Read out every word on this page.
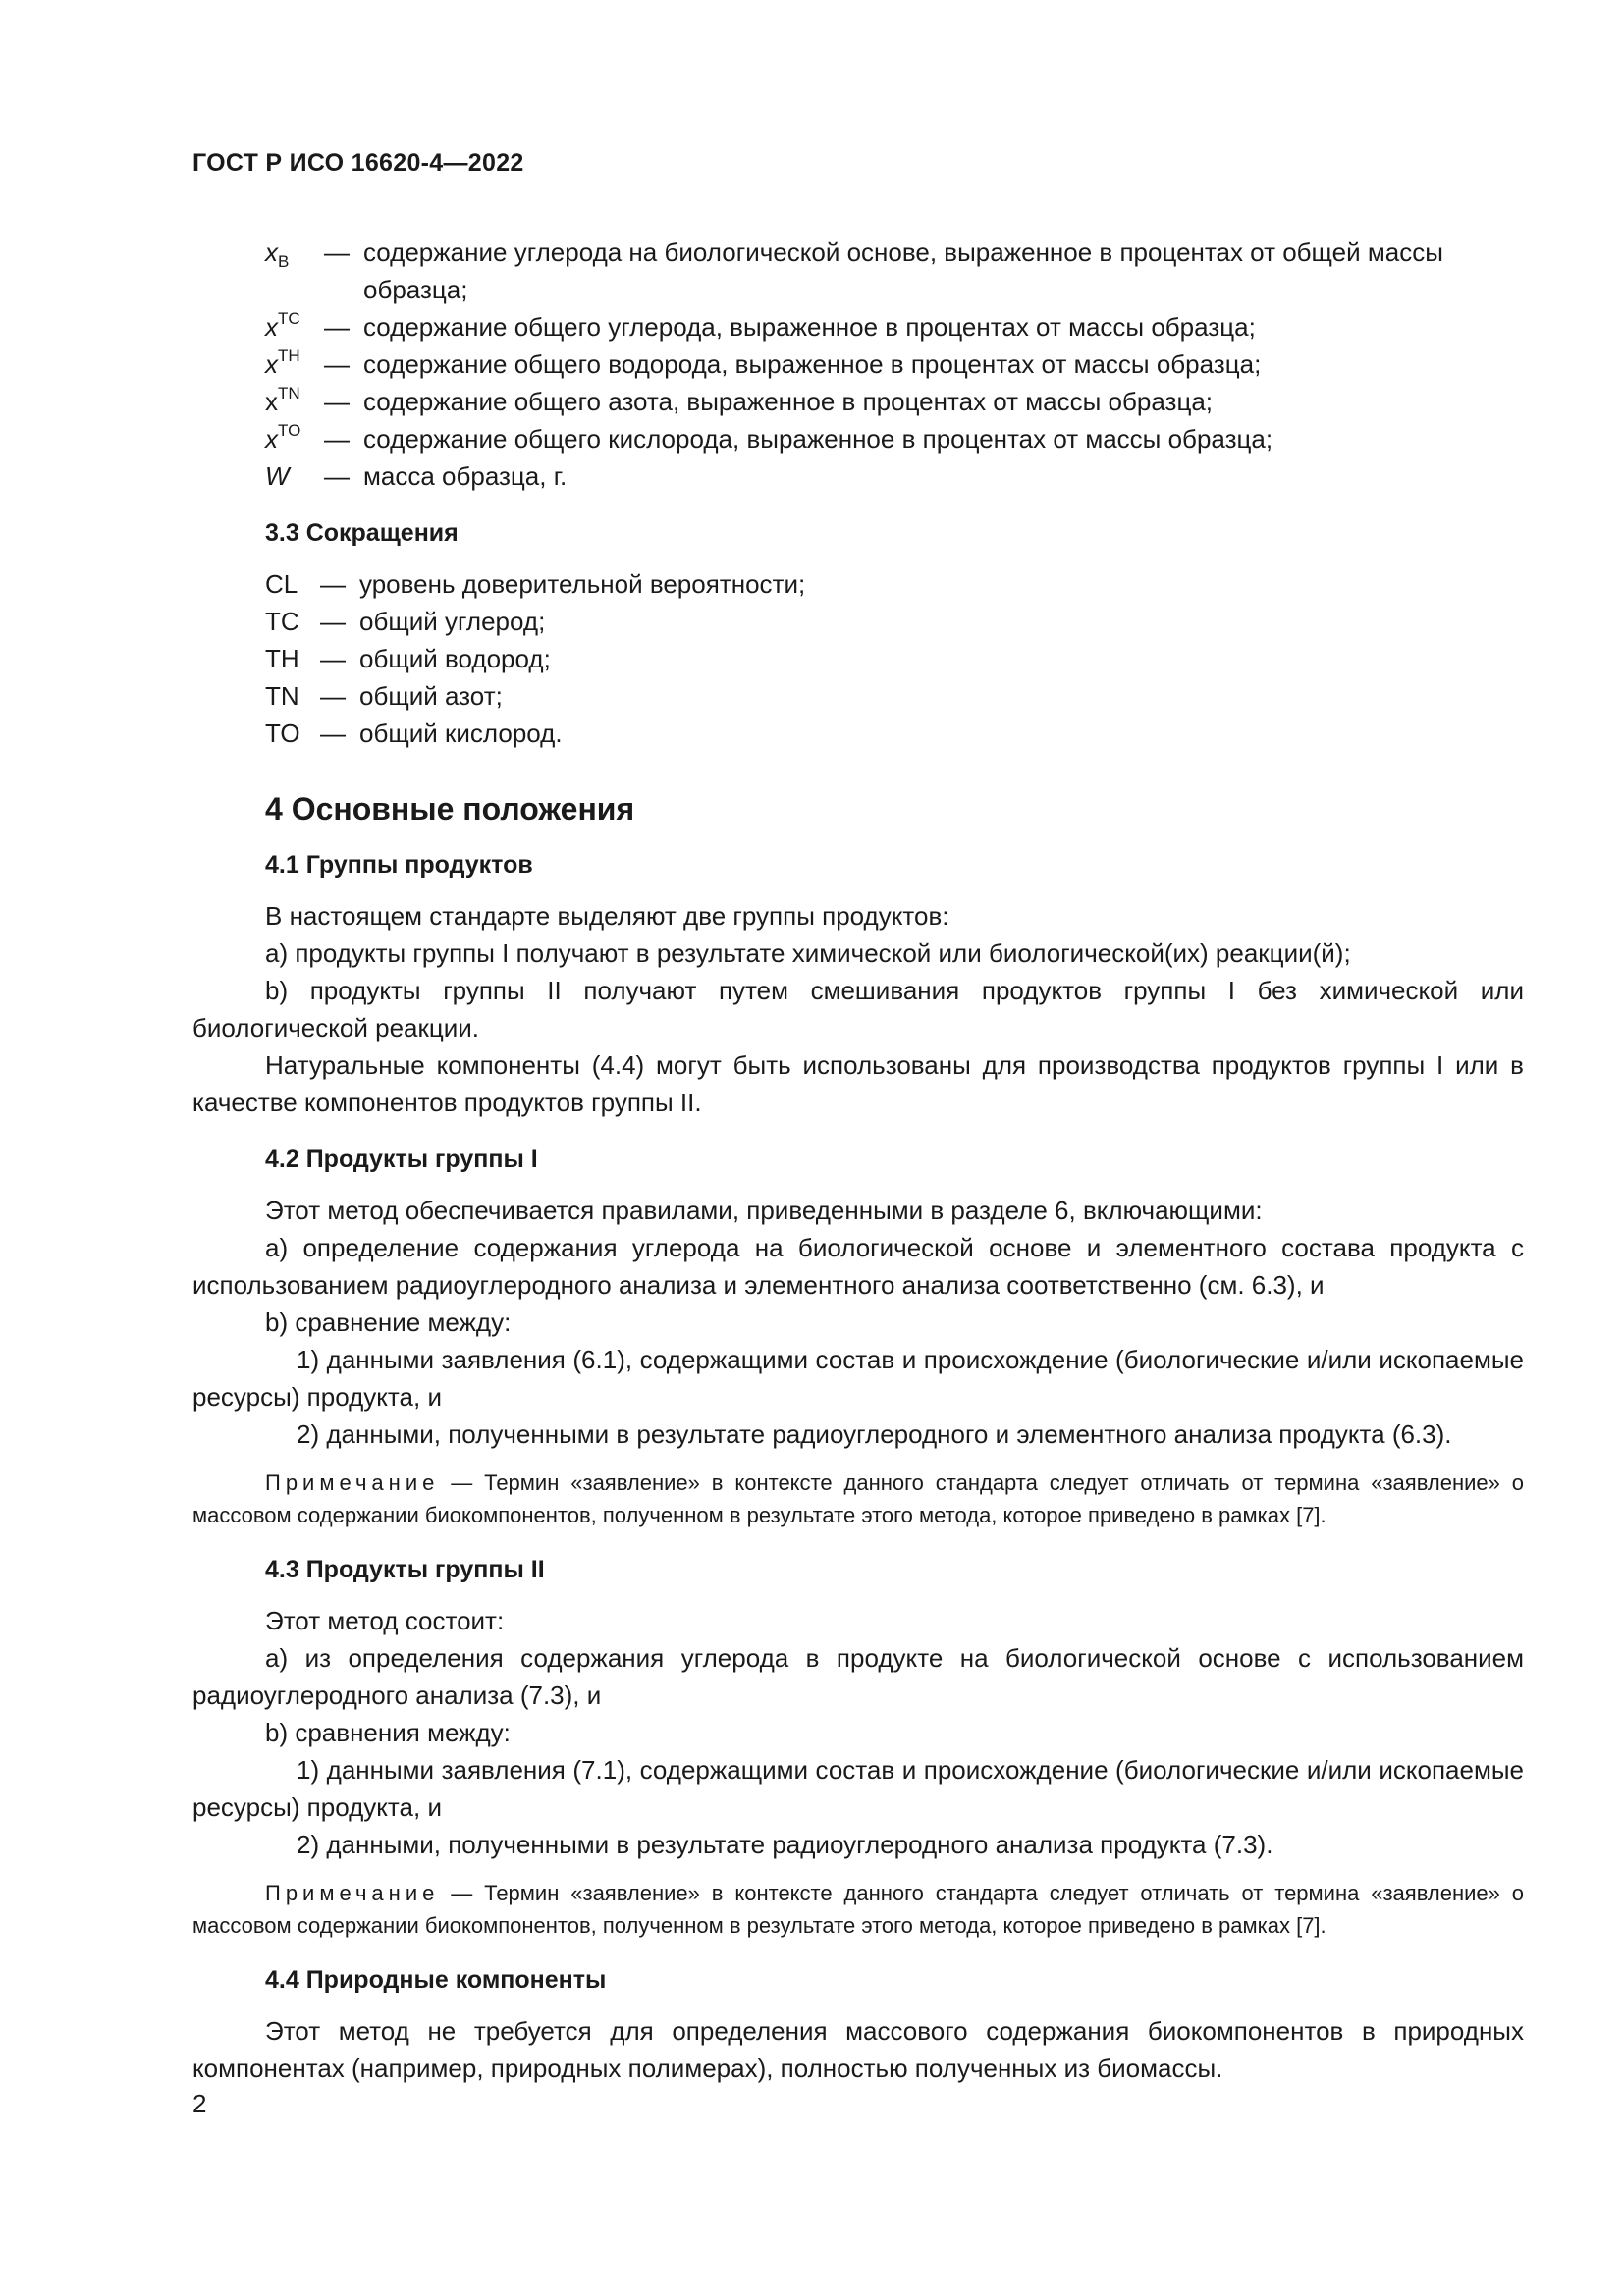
ГОСТ Р ИСО 16620-4—2022
$x_B$	— содержание углерода на биологической основе, выраженное в процентах от общей массы образца;
$x^{TC}$ — содержание общего углерода, выраженное в процентах от массы образца;
$x^{TH}$ — содержание общего водорода, выраженное в процентах от массы образца;
$x^{TN}$ — содержание общего азота, выраженное в процентах от массы образца;
$x^{TO}$ — содержание общего кислорода, выраженное в процентах от массы образца;
W	— масса образца, г.
3.3 Сокращения
CL — уровень доверительной вероятности;
TC — общий углерод;
TH — общий водород;
TN — общий азот;
TO — общий кислород.
4 Основные положения
4.1 Группы продуктов

В настоящем стандарте выделяют две группы продуктов:

a) продукты группы I получают в результате химической или биологической(их) реакции(й);

b) продукты группы II получают путем смешивания продуктов группы I без химической или биологической реакции.

Натуральные компоненты (4.4) могут быть использованы для производства продуктов группы I или в качестве компонентов продуктов группы II.

4.2 Продукты группы I

Этот метод обеспечивается правилами, приведенными в разделе 6, включающими:

a) определение содержания углерода на биологической основе и элементного состава продукта с использованием радиоуглеродного анализа и элементного анализа соответственно (см. 6.3), и

b) сравнение между:

1) данными заявления (6.1), содержащими состав и происхождение (биологические и/или ископаемые ресурсы) продукта, и

2) данными, полученными в результате радиоуглеродного и элементного анализа продукта (6.3).

Примечание — Термин «заявление» в контексте данного стандарта следует отличать от термина «заявление» о массовом содержании биокомпонентов, полученном в результате этого метода, которое приведено в рамках [7].

4.3 Продукты группы II

Этот метод состоит:

a) из определения содержания углерода в продукте на биологической основе с использованием радиоуглеродного анализа (7.3), и

b) сравнения между:

1) данными заявления (7.1), содержащими состав и происхождение (биологические и/или ископаемые ресурсы) продукта, и

2) данными, полученными в результате радиоуглеродного анализа продукта (7.3).

Примечание — Термин «заявление» в контексте данного стандарта следует отличать от термина «заявление» о массовом содержании биокомпонентов, полученном в результате этого метода, которое приведено в рамках [7].

4.4 Природные компоненты

Этот метод не требуется для определения массового содержания биокомпонентов в природных компонентах (например, природных полимерах), полностью полученных из биомассы.

2
